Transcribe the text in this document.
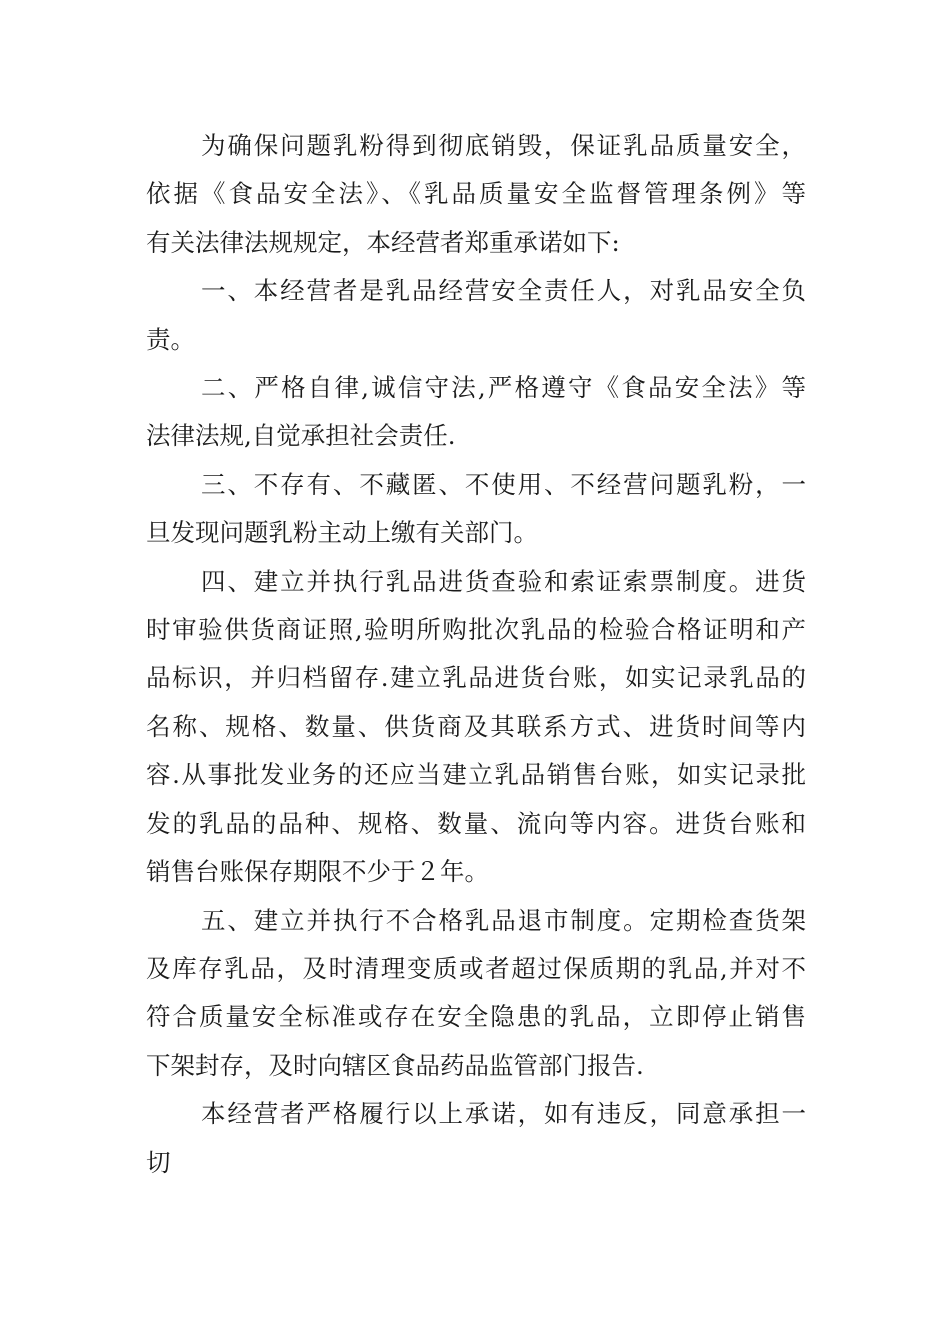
为确保问题乳粉得到彻底销毁，保证乳品质量安全，
依据《食品安全法》、《乳品质量安全监督管理条例》等
有关法律法规规定，本经营者郑重承诺如下:
一、本经营者是乳品经营安全责任人，对乳品安全负
责。
二、严格自律,诚信守法,严格遵守《食品安全法》等
法律法规,自觉承担社会责任.
三、不存有、不藏匿、不使用、不经营问题乳粉，一
旦发现问题乳粉主动上缴有关部门。
四、建立并执行乳品进货查验和索证索票制度。进货
时审验供货商证照,验明所购批次乳品的检验合格证明和产
品标识，并归档留存.建立乳品进货台账，如实记录乳品的
名称、规格、数量、供货商及其联系方式、进货时间等内
容.从事批发业务的还应当建立乳品销售台账，如实记录批
发的乳品的品种、规格、数量、流向等内容。进货台账和
销售台账保存期限不少于２年。
五、建立并执行不合格乳品退市制度。定期检查货架
及库存乳品，及时清理变质或者超过保质期的乳品,并对不
符合质量安全标准或存在安全隐患的乳品，立即停止销售
下架封存，及时向辖区食品药品监管部门报告.
本经营者严格履行以上承诺，如有违反，同意承担一
切
